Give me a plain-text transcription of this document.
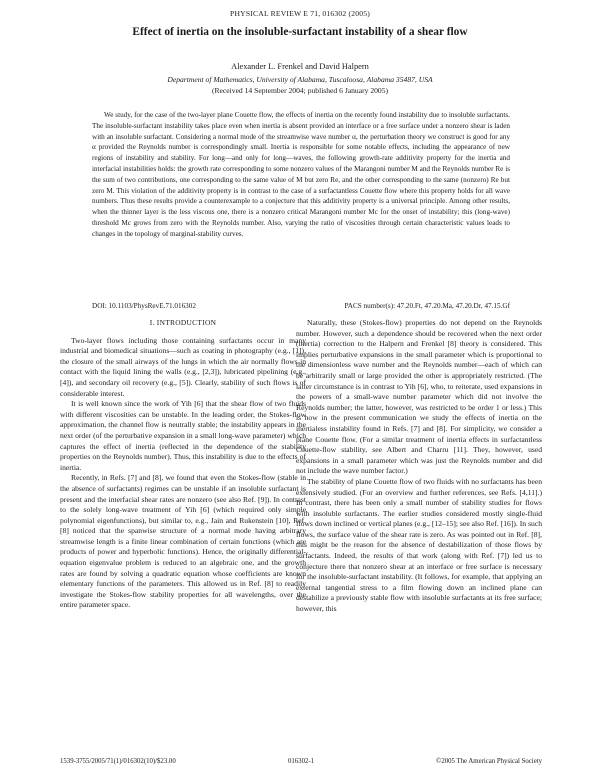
PHYSICAL REVIEW E 71, 016302 (2005)
Effect of inertia on the insoluble-surfactant instability of a shear flow
Alexander L. Frenkel and David Halpern
Department of Mathematics, University of Alabama, Tuscaloosa, Alabama 35487, USA
(Received 14 September 2004; published 6 January 2005)

We study, for the case of the two-layer plane Couette flow, the effects of inertia on the recently found instability due to insoluble surfactants. The insoluble-surfactant instability takes place even when inertia is absent provided an interface or a free surface under a nonzero shear is laden with an insoluble surfactant. Considering a normal mode of the streamwise wave number α, the perturbation theory we construct is good for any α provided the Reynolds number is correspondingly small. Inertia is responsible for some notable effects, including the appearance of new regions of instability and stability. For long—and only for long—waves, the following growth-rate additivity property for the inertia and interfacial instabilities holds: the growth rate corresponding to some nonzero values of the Marangoni number M and the Reynolds number Re is the sum of two contributions, one corresponding to the same value of M but zero Re, and the other corresponding to the same (nonzero) Re but zero M. This violation of the additivity property is in contrast to the case of a surfactantless Couette flow where this property holds for all wave numbers. Thus these results provide a counterexample to a conjecture that this additivity property is a universal principle. Among other results, when the thinner layer is the less viscous one, there is a nonzero critical Marangoni number Mc for the onset of instability; this (long-wave) threshold Mc grows from zero with the Reynolds number. Also, varying the ratio of viscosities through certain characteristic values leads to changes in the topology of marginal-stability curves.

DOI: 10.1103/PhysRevE.71.016302	PACS number(s): 47.20.Ft, 47.20.Ma, 47.20.Dr, 47.15.Gf
I. INTRODUCTION

Two-layer flows including those containing surfactants occur in many industrial and biomedical situations—such as coating in photography (e.g., [1]), the closure of the small airways of the lungs in which the air normally flows in contact with the liquid lining the walls (e.g., [2,3]), lubricated pipelining (e.g., [4]), and secondary oil recovery (e.g., [5]). Clearly, stability of such flows is of considerable interest.

It is well known since the work of Yih [6] that the shear flow of two fluids with different viscosities can be unstable. In the leading order, the Stokes-flow approximation, the channel flow is neutrally stable; the instability appears in the next order (of the perturbative expansion in a small long-wave parameter) which captures the effect of inertia (reflected in the dependence of the stability properties on the Reynolds number). Thus, this instability is due to the effects of inertia.

Recently, in Refs. [7] and [8], we found that even the Stokes-flow (stable in the absence of surfactants) regimes can be unstable if an insoluble surfactant is present and the interfacial shear rates are nonzero (see also Ref. [9]). In contrast to the solely long-wave treatment of Yih [6] (which required only simple polynomial eigenfunctions), but similar to, e.g., Jain and Rukenstein [10], Ref. [8] noticed that the spanwise structure of a normal mode having arbitrary streamwise length is a finite linear combination of certain functions (which are products of power and hyperbolic functions). Hence, the originally differential-equation eigenvalue problem is reduced to an algebraic one, and the growth rates are found by solving a quadratic equation whose coefficients are known elementary functions of the parameters. This allowed us in Ref. [8] to readily investigate the Stokes-flow stability properties for all wavelengths, over the entire parameter space.

Naturally, these (Stokes-flow) properties do not depend on the Reynolds number. However, such a dependence should be recovered when the next order (inertia) correction to the Halpern and Frenkel [8] theory is considered. This implies perturbative expansions in the small parameter which is proportional to the dimensionless wave number and the Reynolds number—each of which can be arbitrarily small or large provided the other is appropriately restricted. (The latter circumstance is in contrast to Yih [6], who, to reiterate, used expansions in the powers of a small-wave number parameter which did not involve the Reynolds number; the latter, however, was restricted to be order 1 or less.) This is how in the present communication we study the effects of inertia on the inertialess instability found in Refs. [7] and [8]. For simplicity, we consider a plane Couette flow. (For a similar treatment of inertia effects in surfactantless Couette-flow stability, see Albert and Charru [11]. They, however, used expansions in a small parameter which was just the Reynolds number and did not include the wave number factor.)

The stability of plane Couette flow of two fluids with no surfactants has been extensively studied. (For an overview and further references, see Refs. [4,11].) In contrast, there has been only a small number of stability studies for flows with insoluble surfactants. The earlier studies considered mostly single-fluid flows down inclined or vertical planes (e.g., [12–15]; see also Ref. [16]). In such flows, the surface value of the shear rate is zero. As was pointed out in Ref. [8], this might be the reason for the absence of destabilization of those flows by surfactants. Indeed, the results of that work (along with Ref. [7]) led us to conjecture there that nonzero shear at an interface or free surface is necessary for the insoluble-surfactant instability. (It follows, for example, that applying an external tangential stress to a film flowing down an inclined plane can destabilize a previously stable flow with insoluble surfactants at its free surface; however, this

1539-3755/2005/71(1)/016302(10)/$23.00	016302-1	©2005 The American Physical Society
